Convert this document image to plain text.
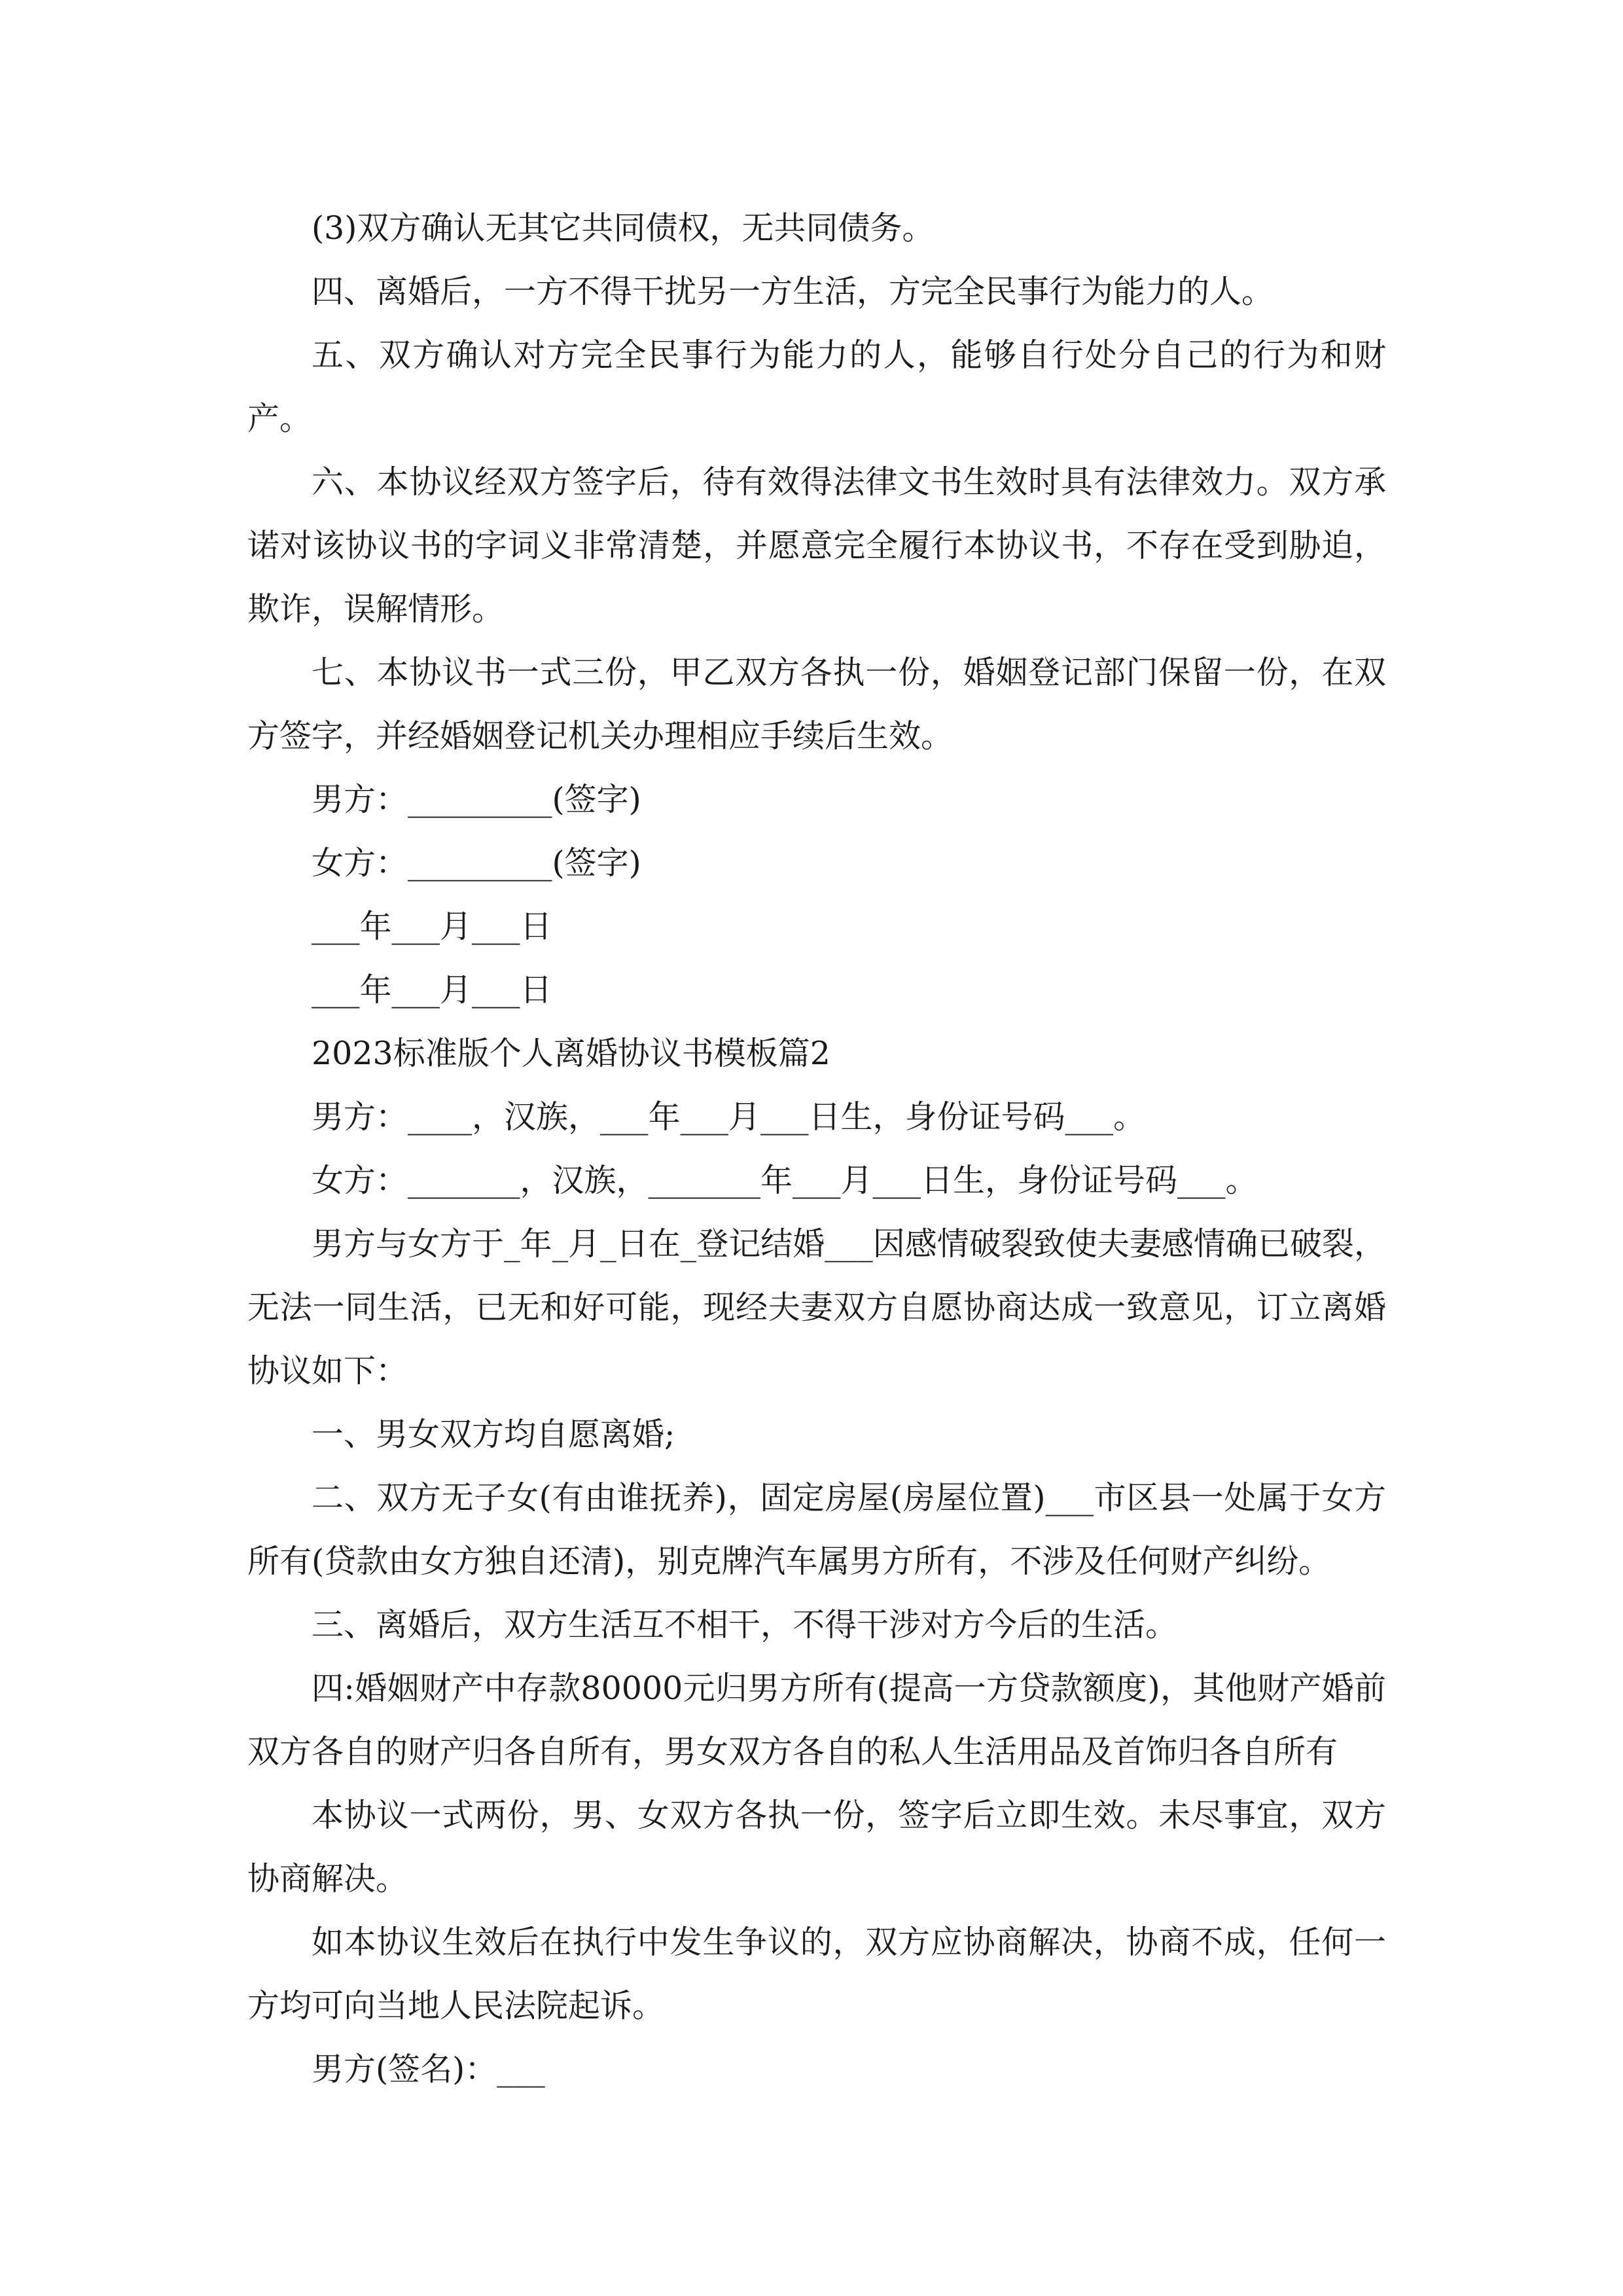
(3)双方确认无其它共同债权，无共同债务。

四、离婚后，一方不得干扰另一方生活，方完全民事行为能力的人。

五、双方确认对方完全民事行为能力的人，能够自行处分自己的行为和财产。

六、本协议经双方签字后，待有效得法律文书生效时具有法律效力。双方承诺对该协议书的字词义非常清楚，并愿意完全履行本协议书，不存在受到胁迫，欺诈，误解情形。

七、本协议书一式三份，甲乙双方各执一份，婚姻登记部门保留一份，在双方签字，并经婚姻登记机关办理相应手续后生效。

男方：_________(签字)

女方：_________(签字)

___年___月___日

___年___月___日

2023标准版个人离婚协议书模板篇2

男方：____，汉族，___年___月___日生，身份证号码___。

女方：_______，汉族，_______年___月___日生，身份证号码___。

男方与女方于_年_月_日在_登记结婚___因感情破裂致使夫妻感情确已破裂，无法一同生活，已无和好可能，现经夫妻双方自愿协商达成一致意见，订立离婚协议如下：

一、男女双方均自愿离婚;

二、双方无子女(有由谁抚养)，固定房屋(房屋位置)___市区县一处属于女方所有(贷款由女方独自还清)，别克牌汽车属男方所有，不涉及任何财产纠纷。

三、离婚后，双方生活互不相干，不得干涉对方今后的生活。

四:婚姻财产中存款80000元归男方所有(提高一方贷款额度)，其他财产婚前双方各自的财产归各自所有，男女双方各自的私人生活用品及首饰归各自所有

本协议一式两份，男、女双方各执一份，签字后立即生效。未尽事宜，双方协商解决。

如本协议生效后在执行中发生争议的，双方应协商解决，协商不成，任何一方均可向当地人民法院起诉。

男方(签名)：___
